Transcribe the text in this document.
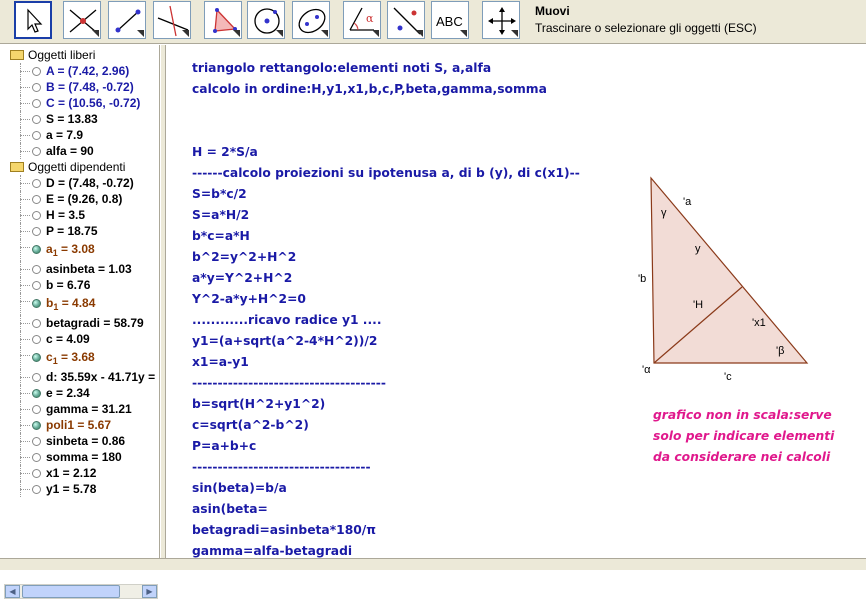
α	ABC
Muovi
Trascinare o selezionare gli oggetti (ESC)
Oggetti liberi
A = (7.42, 2.96)
B = (7.48, -0.72)
C = (10.56, -0.72)
S = 13.83
a = 7.9
alfa = 90
Oggetti dipendenti
D = (7.48, -0.72)
E = (9.26, 0.8)
H = 3.5
P = 18.75
$a_1 = 3.08$
asinbeta = 1.03
b = 6.76
$b_1 = 4.84$
betagradi = 58.79
c = 4.09
$c_1 = 3.68$
d: 35.59x - 41.71y =
e = 2.34
gamma = 31.21
poli1 = 5.67
sinbeta = 0.86
somma = 180
x1 = 2.12
y1 = 5.78
◀	▶
triangolo rettangolo:elementi noti S, a,alfa
calcolo in ordine:H,y1,x1,b,c,P,beta,gamma,somma
H = 2*S/a
------calcolo proiezioni su ipotenusa a, di b (y), di c(x1)--
S=b*c/2
S=a*H/2
b*c=a*H
b^2=y^2+H^2
a*y=Y^2+H^2
Y^2-a*y+H^2=0
............ricavo radice y1 ....
y1=(a+sqrt(a^2-4*H^2))/2
x1=a-y1
--------------------------------------
b=sqrt(H^2+y1^2)
c=sqrt(a^2-b^2)
P=a+b+c
-----------------------------------
sin(beta)=b/a
asin(beta=
betagradi=asinbeta*180/π
gamma=alfa-betagradi
γ
'a
y
'b
'H
'x1
'β
'α
'c
grafico non in scala:serve
solo per indicare elementi
da considerare nei calcoli
